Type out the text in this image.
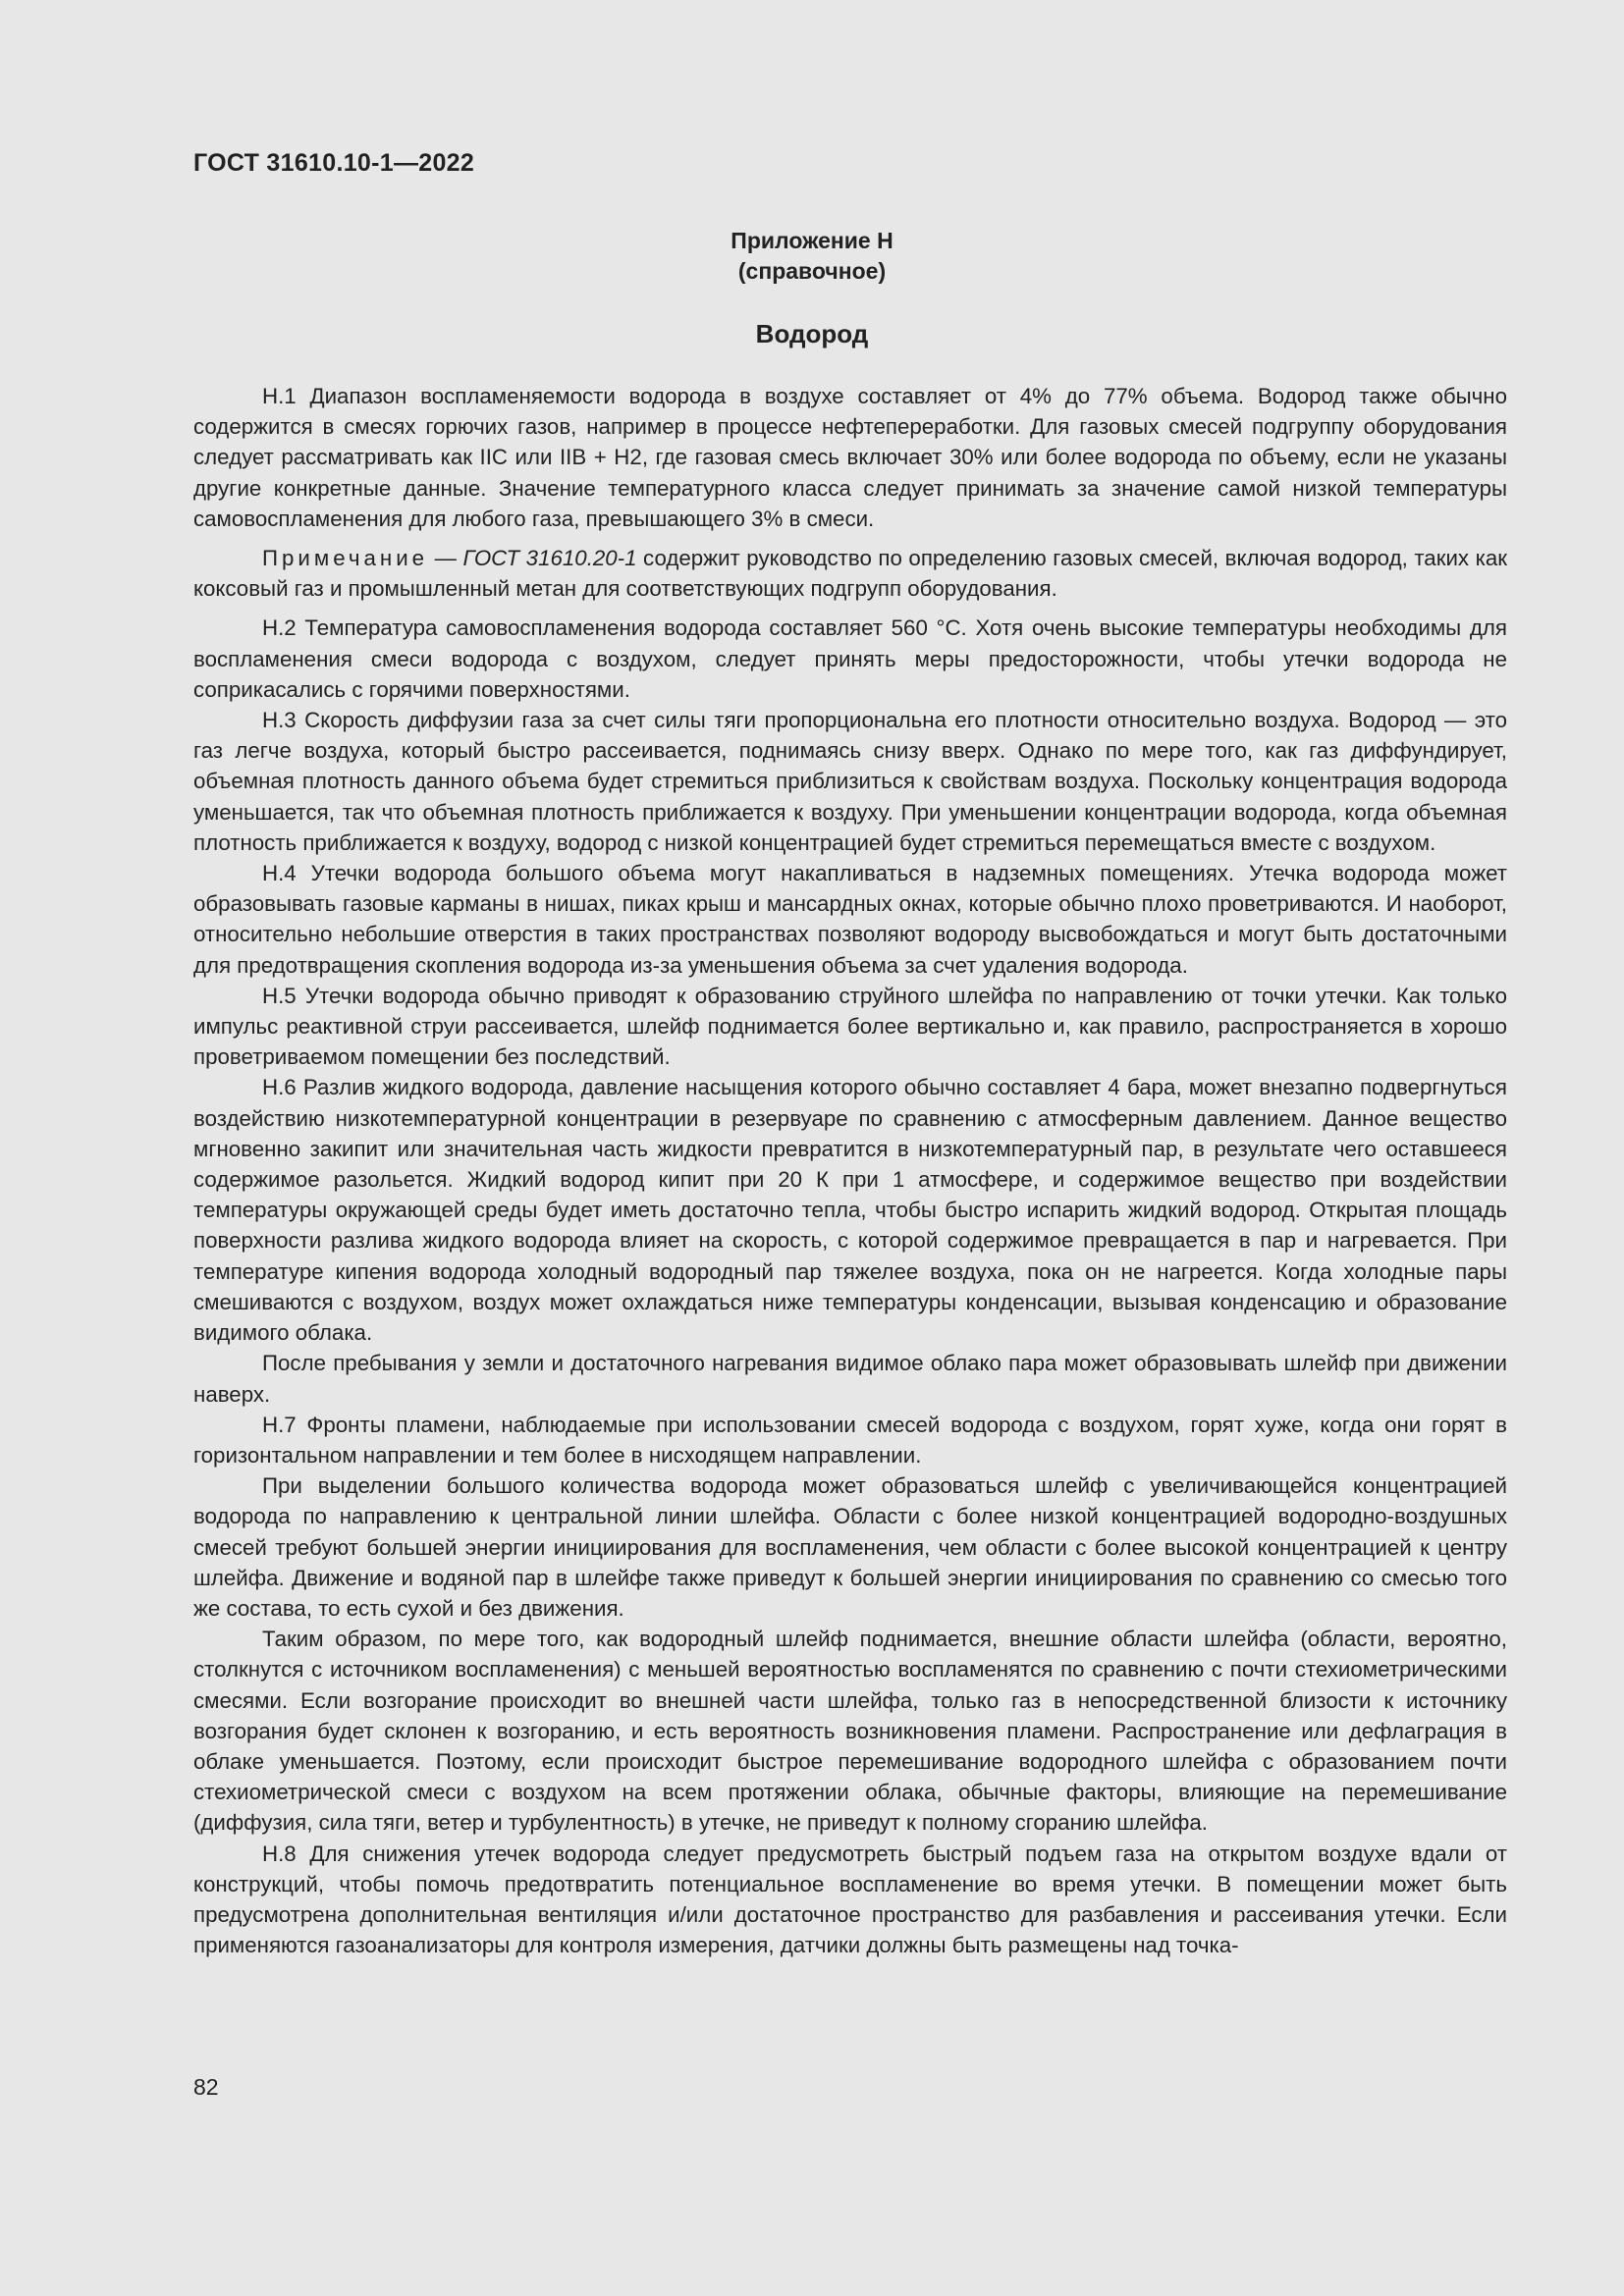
ГОСТ 31610.10-1—2022
Приложение Н
(справочное)
Водород

Н.1 Диапазон воспламеняемости водорода в воздухе составляет от 4% до 77% объема. Водород также обычно содержится в смесях горючих газов, например в процессе нефтепереработки. Для газовых смесей подгруппу оборудования следует рассматривать как IIC или IIB + H2, где газовая смесь включает 30% или более водорода по объему, если не указаны другие конкретные данные. Значение температурного класса следует принимать за значение самой низкой температуры самовоспламенения для любого газа, превышающего 3% в смеси.

Примечание — ГОСТ 31610.20-1 содержит руководство по определению газовых смесей, включая водород, таких как коксовый газ и промышленный метан для соответствующих подгрупп оборудования.

Н.2 Температура самовоспламенения водорода составляет 560 °С. Хотя очень высокие температуры необходимы для воспламенения смеси водорода с воздухом, следует принять меры предосторожности, чтобы утечки водорода не соприкасались с горячими поверхностями.

Н.3 Скорость диффузии газа за счет силы тяги пропорциональна его плотности относительно воздуха. Водород — это газ легче воздуха, который быстро рассеивается, поднимаясь снизу вверх. Однако по мере того, как газ диффундирует, объемная плотность данного объема будет стремиться приблизиться к свойствам воздуха. Поскольку концентрация водорода уменьшается, так что объемная плотность приближается к воздуху. При уменьшении концентрации водорода, когда объемная плотность приближается к воздуху, водород с низкой концентрацией будет стремиться перемещаться вместе с воздухом.

Н.4 Утечки водорода большого объема могут накапливаться в надземных помещениях. Утечка водорода может образовывать газовые карманы в нишах, пиках крыш и мансардных окнах, которые обычно плохо проветриваются. И наоборот, относительно небольшие отверстия в таких пространствах позволяют водороду высвобождаться и могут быть достаточными для предотвращения скопления водорода из-за уменьшения объема за счет удаления водорода.

Н.5 Утечки водорода обычно приводят к образованию струйного шлейфа по направлению от точки утечки. Как только импульс реактивной струи рассеивается, шлейф поднимается более вертикально и, как правило, распространяется в хорошо проветриваемом помещении без последствий.

Н.6 Разлив жидкого водорода, давление насыщения которого обычно составляет 4 бара, может внезапно подвергнуться воздействию низкотемпературной концентрации в резервуаре по сравнению с атмосферным давлением. Данное вещество мгновенно закипит или значительная часть жидкости превратится в низкотемпературный пар, в результате чего оставшееся содержимое разольется. Жидкий водород кипит при 20 К при 1 атмосфере, и содержимое вещество при воздействии температуры окружающей среды будет иметь достаточно тепла, чтобы быстро испарить жидкий водород. Открытая площадь поверхности разлива жидкого водорода влияет на скорость, с которой содержимое превращается в пар и нагревается. При температуре кипения водорода холодный водородный пар тяжелее воздуха, пока он не нагреется. Когда холодные пары смешиваются с воздухом, воздух может охлаждаться ниже температуры конденсации, вызывая конденсацию и образование видимого облака.

После пребывания у земли и достаточного нагревания видимое облако пара может образовывать шлейф при движении наверх.

Н.7 Фронты пламени, наблюдаемые при использовании смесей водорода с воздухом, горят хуже, когда они горят в горизонтальном направлении и тем более в нисходящем направлении.

При выделении большого количества водорода может образоваться шлейф с увеличивающейся концентрацией водорода по направлению к центральной линии шлейфа. Области с более низкой концентрацией водородно-воздушных смесей требуют большей энергии инициирования для воспламенения, чем области с более высокой концентрацией к центру шлейфа. Движение и водяной пар в шлейфе также приведут к большей энергии инициирования по сравнению со смесью того же состава, то есть сухой и без движения.

Таким образом, по мере того, как водородный шлейф поднимается, внешние области шлейфа (области, вероятно, столкнутся с источником воспламенения) с меньшей вероятностью воспламенятся по сравнению с почти стехиометрическими смесями. Если возгорание происходит во внешней части шлейфа, только газ в непосредственной близости к источнику возгорания будет склонен к возгоранию, и есть вероятность возникновения пламени. Распространение или дефлаграция в облаке уменьшается. Поэтому, если происходит быстрое перемешивание водородного шлейфа с образованием почти стехиометрической смеси с воздухом на всем протяжении облака, обычные факторы, влияющие на перемешивание (диффузия, сила тяги, ветер и турбулентность) в утечке, не приведут к полному сгоранию шлейфа.

Н.8 Для снижения утечек водорода следует предусмотреть быстрый подъем газа на открытом воздухе вдали от конструкций, чтобы помочь предотвратить потенциальное воспламенение во время утечки. В помещении может быть предусмотрена дополнительная вентиляция и/или достаточное пространство для разбавления и рассеивания утечки. Если применяются газоанализаторы для контроля измерения, датчики должны быть размещены над точка-

82
